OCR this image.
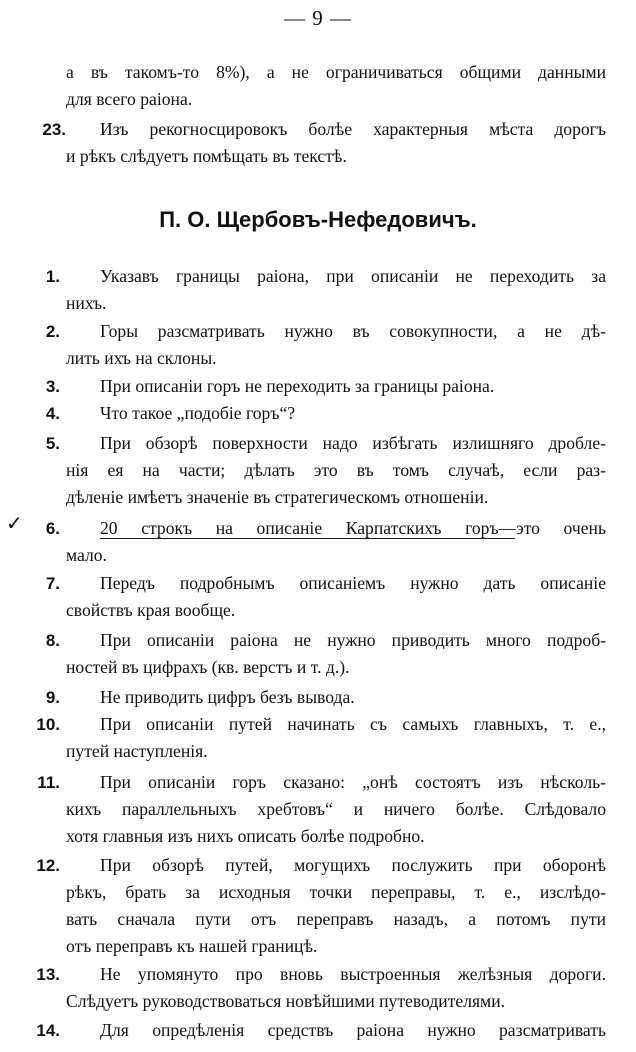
— 9 —
а въ такомъ-то 8%), а не ограничиваться общими данными
для всего раiона.
23. Изъ рекогносцировокъ болѣе характерныя мѣста дорогъ
и рѣкъ слѣдуетъ помѣщать въ текстѣ.
П. О. Щербовъ-Нефедовичъ.
1. Указавъ границы раiона, при описанiи не переходить за
нихъ.
2. Горы разсматривать нужно въ совокупности, а не дѣ-
лить ихъ на склоны.
3. При описанiи горъ не переходить за границы раiона.
4. Что такое „подобiе горъ“?
5. При обзорѣ поверхности надо избѣгать излишняго дробле-
нiя ея на части; дѣлать это въ томъ случаѣ, если раз-
дѣленiе имѣетъ значенiе въ стратегическомъ отношенiи.
✓	6. 20 строкъ на описанiе Карпатскихъ горъ—это очень
мало.
7. Передъ подробнымъ описанiемъ нужно дать описанiе
свойствъ края вообще.
8. При описанiи раiона не нужно приводить много подроб-
ностей въ цифрахъ (кв. верстъ и т. д.).
9. Не приводить цифръ безъ вывода.
10. При описанiи путей начинать съ самыхъ главныхъ, т. е.,
путей наступленiя.
11. При описанiи горъ сказано: „онѣ состоятъ изъ нѣсколь-
кихъ параллельныхъ хребтовъ“ и ничего болѣе. Слѣдовало
хотя главныя изъ нихъ описать болѣе подробно.
12. При обзорѣ путей, могущихъ послужить при оборонѣ
рѣкъ, брать за исходныя точки переправы, т. е., изслѣдо-
вать сначала пути отъ переправъ назадъ, а потомъ пути
отъ переправъ къ нашей границѣ.
13. Не упомянуто про вновь выстроенныя желѣзныя дороги.
Слѣдуетъ руководствоваться новѣйшими путеводителями.
14. Для опредѣленiя средствъ раiона нужно разсматривать
